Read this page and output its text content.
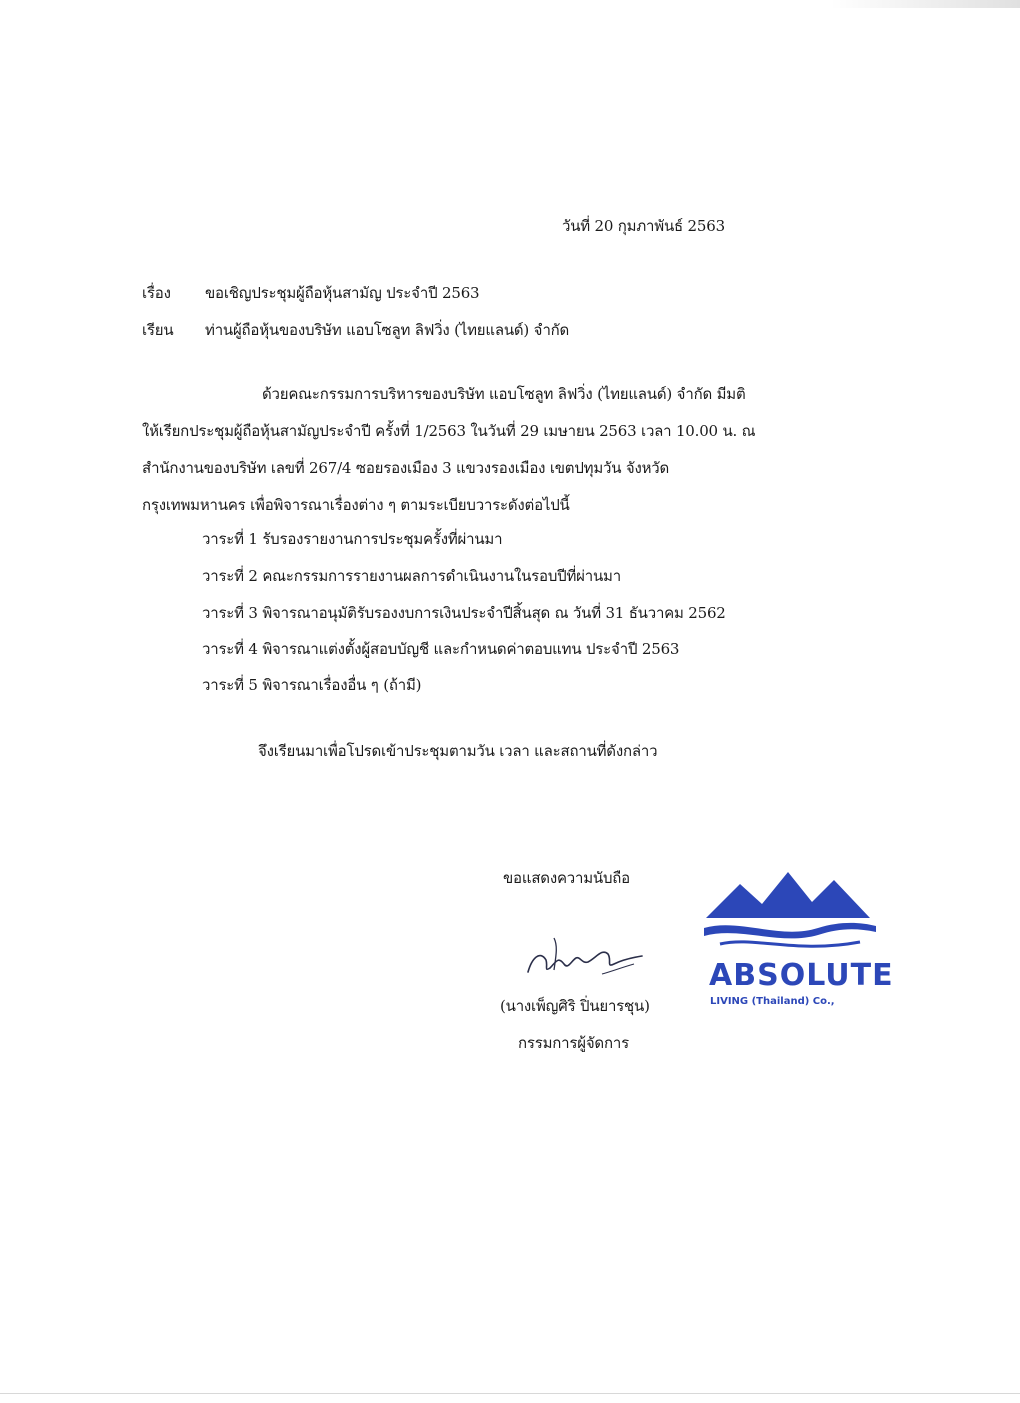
วันที่ 20 กุมภาพันธ์ 2563
เรื่อง ขอเชิญประชุมผู้ถือหุ้นสามัญ ประจำปี 2563
เรียน ท่านผู้ถือหุ้นของบริษัท แอบโซลูท ลิฟวิ่ง (ไทยแลนด์) จำกัด
ด้วยคณะกรรมการบริหารของบริษัท แอบโซลูท ลิฟวิ่ง (ไทยแลนด์) จำกัด มีมติ
ให้เรียกประชุมผู้ถือหุ้นสามัญประจำปี ครั้งที่ 1/2563 ในวันที่ 29 เมษายน 2563 เวลา 10.00 น. ณ
สำนักงานของบริษัท เลขที่ 267/4 ซอยรองเมือง 3 แขวงรองเมือง เขตปทุมวัน จังหวัด
กรุงเทพมหานคร เพื่อพิจารณาเรื่องต่าง ๆ ตามระเบียบวาระดังต่อไปนี้
วาระที่ 1 รับรองรายงานการประชุมครั้งที่ผ่านมา
วาระที่ 2 คณะกรรมการรายงานผลการดำเนินงานในรอบปีที่ผ่านมา
วาระที่ 3 พิจารณาอนุมัติรับรองงบการเงินประจำปีสิ้นสุด ณ วันที่ 31 ธันวาคม 2562
วาระที่ 4 พิจารณาแต่งตั้งผู้สอบบัญชี และกำหนดค่าตอบแทน ประจำปี 2563
วาระที่ 5 พิจารณาเรื่องอื่น ๆ (ถ้ามี)
จึงเรียนมาเพื่อโปรดเข้าประชุมตามวัน เวลา และสถานที่ดังกล่าว
ขอแสดงความนับถือ
(นางเพ็ญศิริ ปิ่นยารชุน)
กรรมการผู้จัดการ
ABSOLUTE
LIVING (Thailand) Co.,
